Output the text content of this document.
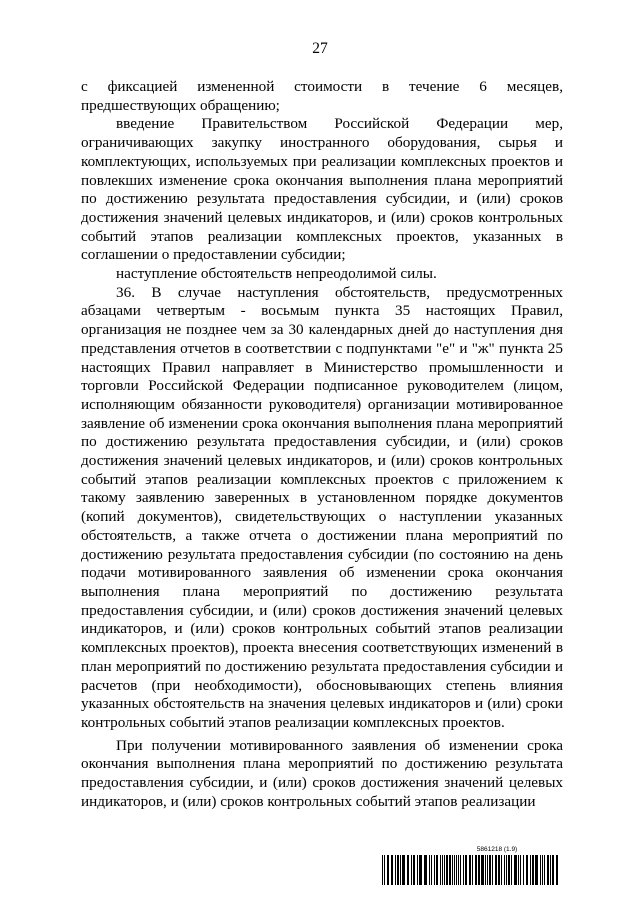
27

с фиксацией измененной стоимости в течение 6 месяцев, предшествующих обращению;

введение Правительством Российской Федерации мер, ограничивающих закупку иностранного оборудования, сырья и комплектующих, используемых при реализации комплексных проектов и повлекших изменение срока окончания выполнения плана мероприятий по достижению результата предоставления субсидии, и (или) сроков достижения значений целевых индикаторов, и (или) сроков контрольных событий этапов реализации комплексных проектов, указанных в соглашении о предоставлении субсидии;

наступление обстоятельств непреодолимой силы.

36. В случае наступления обстоятельств, предусмотренных абзацами четвертым - восьмым пункта 35 настоящих Правил, организация не позднее чем за 30 календарных дней до наступления дня представления отчетов в соответствии с подпунктами "е" и "ж" пункта 25 настоящих Правил направляет в Министерство промышленности и торговли Российской Федерации подписанное руководителем (лицом, исполняющим обязанности руководителя) организации мотивированное заявление об изменении срока окончания выполнения плана мероприятий по достижению результата предоставления субсидии, и (или) сроков достижения значений целевых индикаторов, и (или) сроков контрольных событий этапов реализации комплексных проектов с приложением к такому заявлению заверенных в установленном порядке документов (копий документов), свидетельствующих о наступлении указанных обстоятельств, а также отчета о достижении плана мероприятий по достижению результата предоставления субсидии (по состоянию на день подачи мотивированного заявления об изменении срока окончания выполнения плана мероприятий по достижению результата предоставления субсидии, и (или) сроков достижения значений целевых индикаторов, и (или) сроков контрольных событий этапов реализации комплексных проектов), проекта внесения соответствующих изменений в план мероприятий по достижению результата предоставления субсидии и расчетов (при необходимости), обосновывающих степень влияния указанных обстоятельств на значения целевых индикаторов и (или) сроки контрольных событий этапов реализации комплексных проектов.

При получении мотивированного заявления об изменении срока окончания выполнения плана мероприятий по достижению результата предоставления субсидии, и (или) сроков достижения значений целевых индикаторов, и (или) сроков контрольных событий этапов реализации

5861218 (1.9)
